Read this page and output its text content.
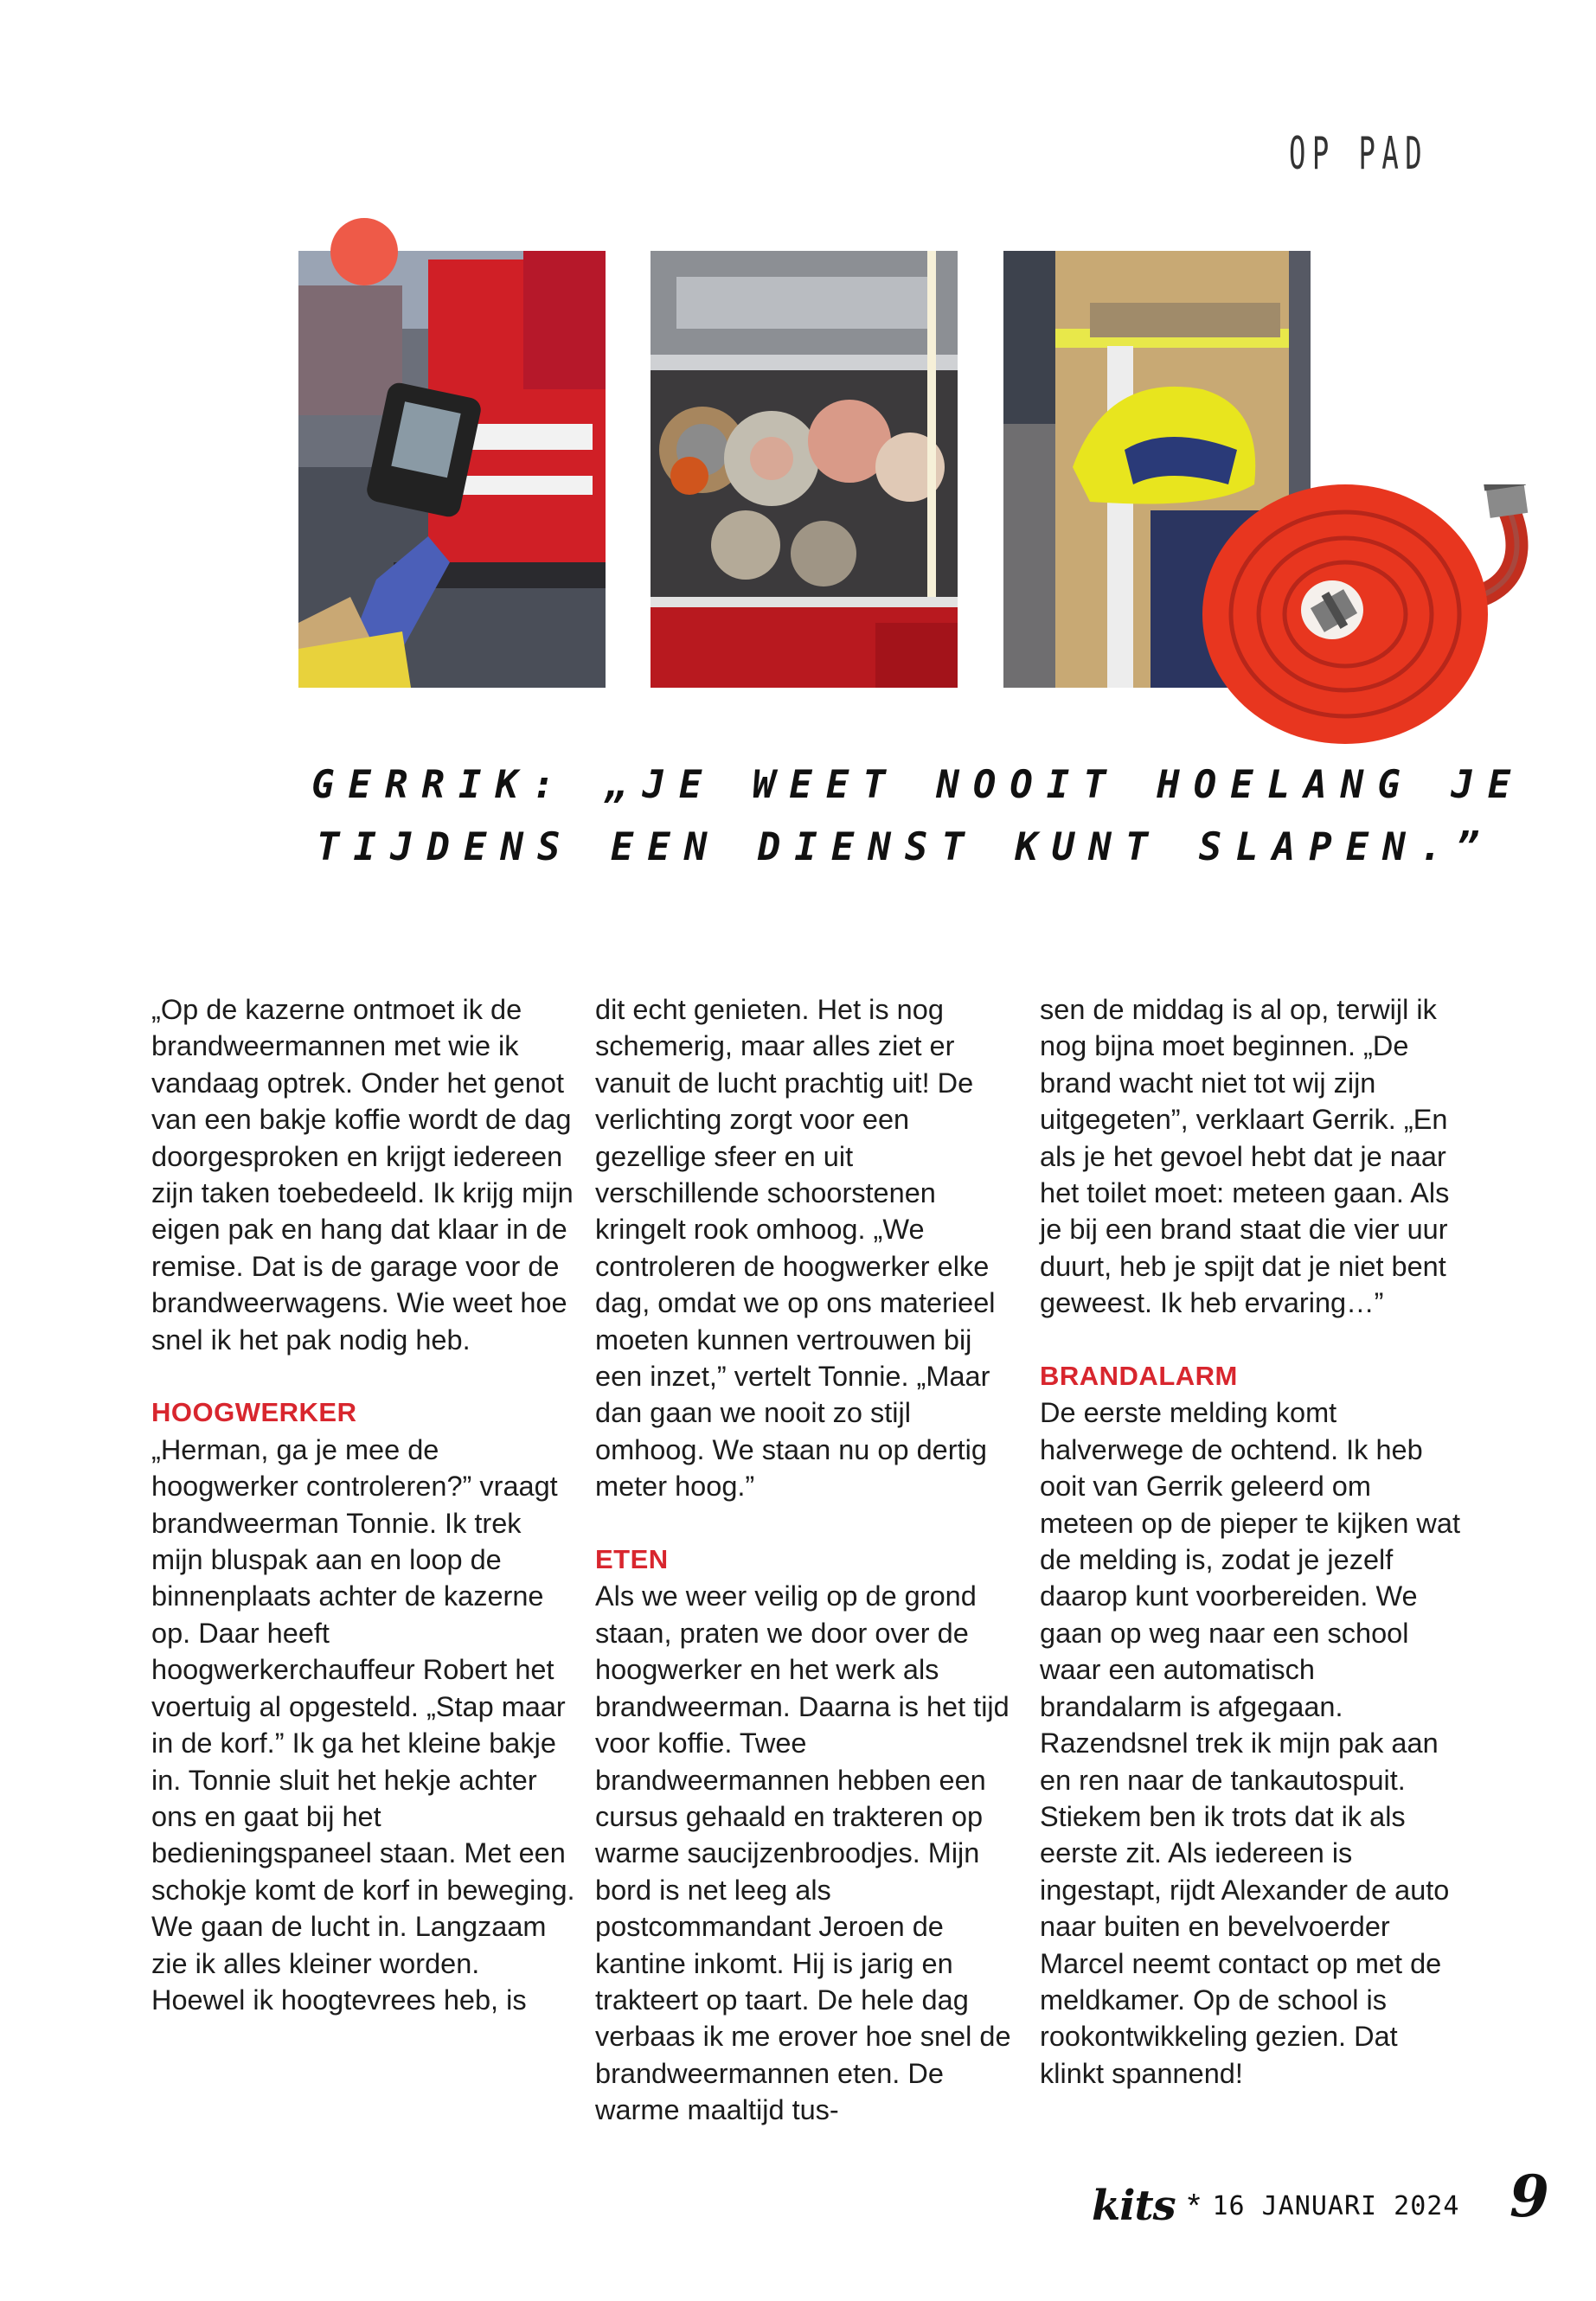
OP PAD
GERRIK: „JE WEET NOOIT HOELANG JE
TIJDENS EEN DIENST KUNT SLAPEN.”

„Op de kazerne ontmoet ik de brandweermannen met wie ik vandaag optrek. Onder het genot van een bakje koffie wordt de dag doorgesproken en krijgt iedereen zijn taken toebedeeld. Ik krijg mijn eigen pak en hang dat klaar in de remise. Dat is de garage voor de brandweerwagens. Wie weet hoe snel ik het pak nodig heb.

HOOGWERKER

„Herman, ga je mee de hoogwerker controleren?” vraagt brandweerman Tonnie. Ik trek mijn bluspak aan en loop de binnenplaats achter de kazerne op. Daar heeft hoogwerkerchauffeur Robert het voertuig al opgesteld. „Stap maar in de korf.” Ik ga het kleine bakje in. Tonnie sluit het hekje achter ons en gaat bij het bedieningspaneel staan. Met een schokje komt de korf in beweging. We gaan de lucht in. Langzaam zie ik alles kleiner worden. Hoewel ik hoogtevrees heb, is

dit echt genieten. Het is nog schemerig, maar alles ziet er vanuit de lucht prachtig uit! De verlichting zorgt voor een gezellige sfeer en uit verschillende schoorstenen kringelt rook omhoog. „We controleren de hoogwerker elke dag, omdat we op ons materieel moeten kunnen vertrouwen bij een inzet,” vertelt Tonnie. „Maar dan gaan we nooit zo stijl omhoog. We staan nu op dertig meter hoog.”

ETEN

Als we weer veilig op de grond staan, praten we door over de hoogwerker en het werk als brandweerman. Daarna is het tijd voor koffie. Twee brandweermannen hebben een cursus gehaald en trakteren op warme saucijzenbroodjes. Mijn bord is net leeg als postcommandant Jeroen de kantine inkomt. Hij is jarig en trakteert op taart. De hele dag verbaas ik me erover hoe snel de brandweermannen eten. De warme maaltijd tus-

sen de middag is al op, terwijl ik nog bijna moet beginnen. „De brand wacht niet tot wij zijn uitgegeten”, verklaart Gerrik. „En als je het gevoel hebt dat je naar het toilet moet: meteen gaan. Als je bij een brand staat die vier uur duurt, heb je spijt dat je niet bent geweest. Ik heb ervaring…”

BRANDALARM

De eerste melding komt halverwege de ochtend. Ik heb ooit van Gerrik geleerd om meteen op de pieper te kijken wat de melding is, zodat je jezelf daarop kunt voorbereiden. We gaan op weg naar een school waar een automatisch brandalarm is afgegaan. Razendsnel trek ik mijn pak aan en ren naar de tankautospuit. Stiekem ben ik trots dat ik als eerste zit. Als iedereen is ingestapt, rijdt Alexander de auto naar buiten en bevelvoerder Marcel neemt contact op met de meldkamer. Op de school is rookontwikkeling gezien. Dat klinkt spannend!

kits * 16 JANUARI 2024 9
